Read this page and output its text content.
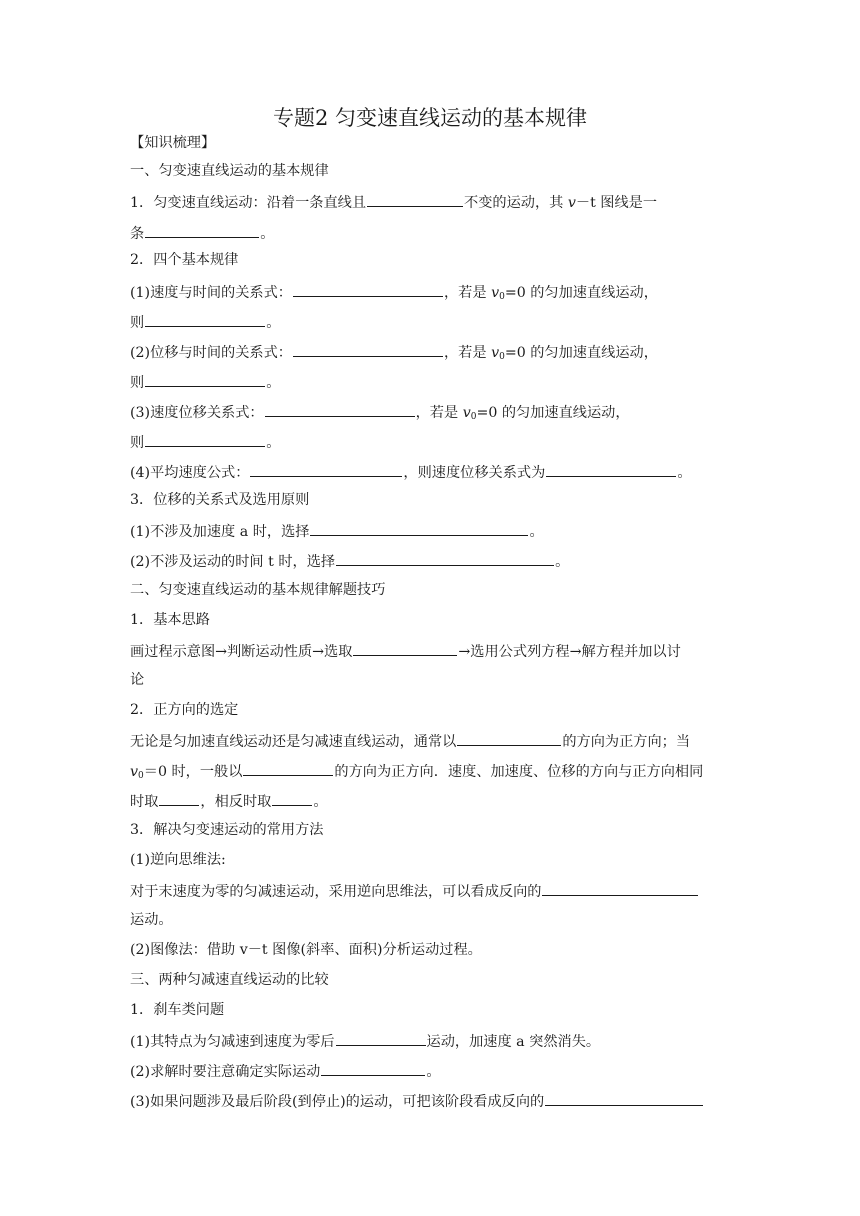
专题2 匀变速直线运动的基本规律
【知识梳理】
一、匀变速直线运动的基本规律
1．匀变速直线运动：沿着一条直线且	不变的运动，其 v－t 图线是一
条	。
2．四个基本规律
(1)速度与时间的关系式：	，若是 $v_0=0$ 的匀加速直线运动，
则	。
(2)位移与时间的关系式：	，若是 $v_0=0$ 的匀加速直线运动，
则	。
(3)速度位移关系式：	，若是 $v_0=0$ 的匀加速直线运动，
则	。
(4)平均速度公式：	，则速度位移关系式为	。
3．位移的关系式及选用原则
(1)不涉及加速度 a 时，选择	。
(2)不涉及运动的时间 t 时，选择	。
二、匀变速直线运动的基本规律解题技巧
1．基本思路
画过程示意图→判断运动性质→选取	→选用公式列方程→解方程并加以讨
论
2．正方向的选定
无论是匀加速直线运动还是匀减速直线运动，通常以	的方向为正方向；当
$v_0=0$ 时，一般以	的方向为正方向．速度、加速度、位移的方向与正方向相同
时取	，相反时取	。
3．解决匀变速运动的常用方法
(1)逆向思维法:
对于末速度为零的匀减速运动，采用逆向思维法，可以看成反向的
运动。
(2)图像法：借助 v－t 图像(斜率、面积)分析运动过程。
三、两种匀减速直线运动的比较
1．刹车类问题
(1)其特点为匀减速到速度为零后	运动，加速度 a 突然消失。
(2)求解时要注意确定实际运动	。
(3)如果问题涉及最后阶段(到停止)的运动，可把该阶段看成反向的
